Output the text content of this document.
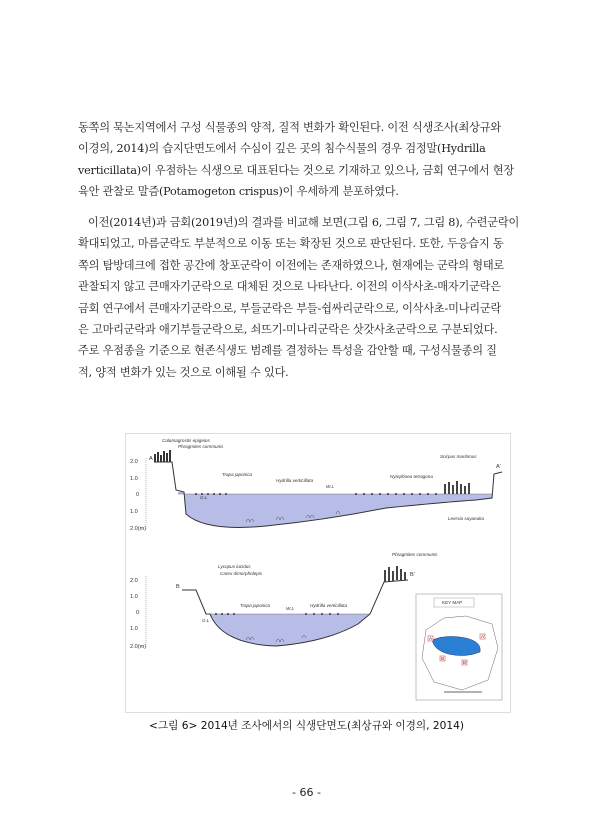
동쪽의 묵논지역에서 구성 식물종의 양적, 질적 변화가 확인된다. 이전 식생조사(최상규와
이경의, 2014)의 습지단면도에서 수심이 깊은 곳의 침수식물의 경우 검정말(Hydrilla
verticillata)이 우점하는 식생으로 대표된다는 것으로 기재하고 있으나, 금회 연구에서 현장
육안 관찰로 말즘(Potamogeton crispus)이 우세하게 분포하였다.
이전(2014년)과 금회(2019년)의 결과를 비교해 보면(그림 6, 그림 7, 그림 8), 수련군락이
확대되었고, 마름군락도 부분적으로 이동 또는 확장된 것으로 판단된다. 또한, 두응습지 동
쪽의 탐방데크에 접한 공간에 창포군락이 이전에는 존재하였으나, 현재에는 군락의 형태로
관찰되지 않고 큰매자기군락으로 대체된 것으로 나타난다. 이전의 이삭사초-매자기군락은
금회 연구에서 큰매자기군락으로, 부들군락은 부들-쉽싸리군락으로, 이삭사초-미나리군락
은 고마리군락과 애기부들군락으로, 쇠뜨기-미나리군락은 삿갓사초군락으로 구분되었다.
주로 우점종을 기준으로 현존식생도 범례를 결정하는 특성을 감안할 때, 구성식물종의 질
적, 양적 변화가 있는 것으로 이해될 수 있다.
2.0
1.0
0
1.0
2.0(m)
A
A'
G.L
Calamagrostis epigeios
Phragmites communis
Trapa japonica
Hydrilla verticillata
W.L
Nymphoea tetragona
Scirpus maritimus
Leersia sayanuka
2.0
1.0
0
1.0
2.0(m)
B
B'
G.L
Lycopus lucidus
Carex dimorpholepis
Trapa japonica
W.L
Hydrilla verticillata
Phragmites communis
KEY MAP
A	A'
B
B'
<그림 6> 2014년 조사에서의 식생단면도(최상규와 이경의, 2014)
- 66 -
